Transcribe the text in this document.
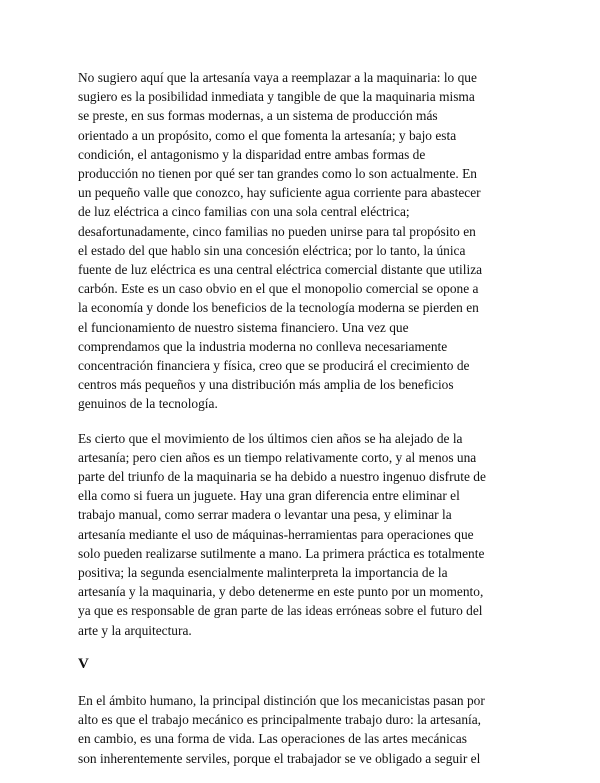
No sugiero aquí que la artesanía vaya a reemplazar a la maquinaria: lo que
sugiero es la posibilidad inmediata y tangible de que la maquinaria misma
se preste, en sus formas modernas, a un sistema de producción más
orientado a un propósito, como el que fomenta la artesanía; y bajo esta
condición, el antagonismo y la disparidad entre ambas formas de
producción no tienen por qué ser tan grandes como lo son actualmente. En
un pequeño valle que conozco, hay suficiente agua corriente para abastecer
de luz eléctrica a cinco familias con una sola central eléctrica;
desafortunadamente, cinco familias no pueden unirse para tal propósito en
el estado del que hablo sin una concesión eléctrica; por lo tanto, la única
fuente de luz eléctrica es una central eléctrica comercial distante que utiliza
carbón. Este es un caso obvio en el que el monopolio comercial se opone a
la economía y donde los beneficios de la tecnología moderna se pierden en
el funcionamiento de nuestro sistema financiero. Una vez que
comprendamos que la industria moderna no conlleva necesariamente
concentración financiera y física, creo que se producirá el crecimiento de
centros más pequeños y una distribución más amplia de los beneficios
genuinos de la tecnología.
Es cierto que el movimiento de los últimos cien años se ha alejado de la
artesanía; pero cien años es un tiempo relativamente corto, y al menos una
parte del triunfo de la maquinaria se ha debido a nuestro ingenuo disfrute de
ella como si fuera un juguete. Hay una gran diferencia entre eliminar el
trabajo manual, como serrar madera o levantar una pesa, y eliminar la
artesanía mediante el uso de máquinas-herramientas para operaciones que
solo pueden realizarse sutilmente a mano. La primera práctica es totalmente
positiva; la segunda esencialmente malinterpreta la importancia de la
artesanía y la maquinaria, y debo detenerme en este punto por un momento,
ya que es responsable de gran parte de las ideas erróneas sobre el futuro del
arte y la arquitectura.
V
En el ámbito humano, la principal distinción que los mecanicistas pasan por
alto es que el trabajo mecánico es principalmente trabajo duro: la artesanía,
en cambio, es una forma de vida. Las operaciones de las artes mecánicas
son inherentemente serviles, porque el trabajador se ve obligado a seguir el
